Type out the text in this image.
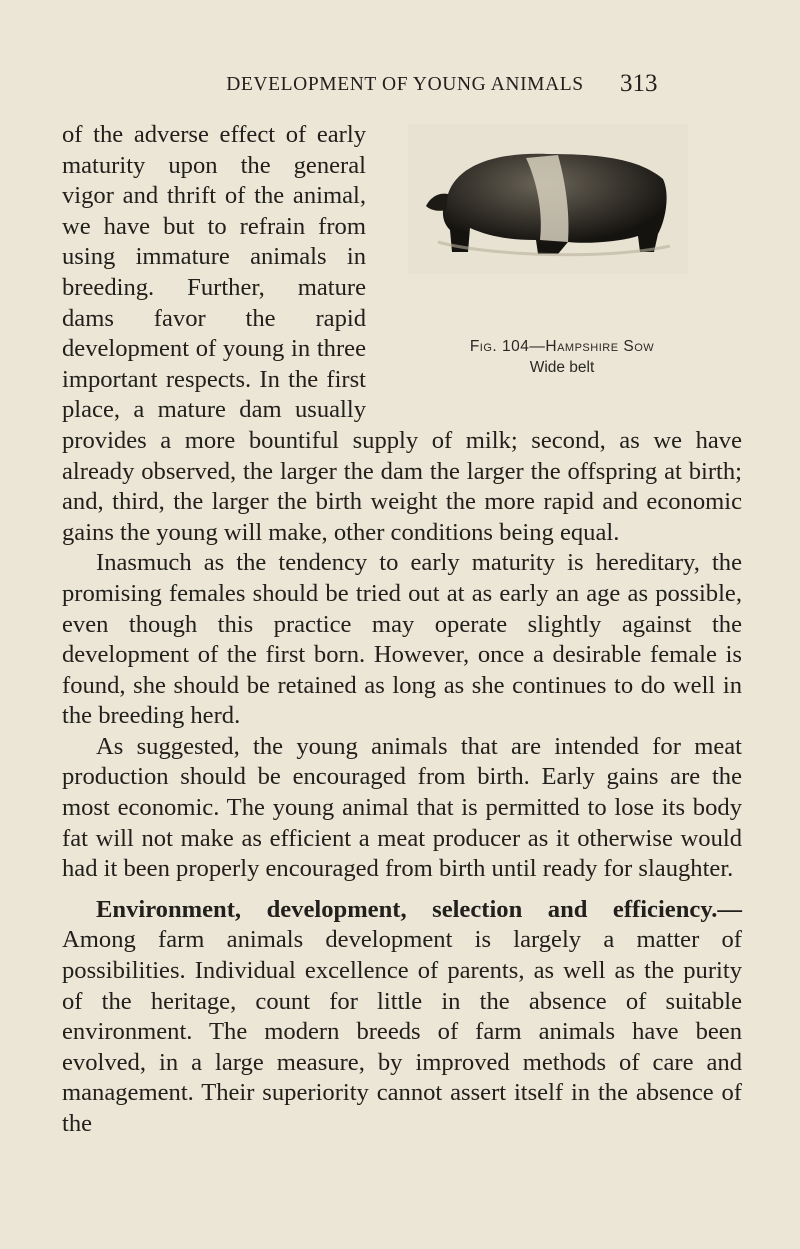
DEVELOPMENT OF YOUNG ANIMALS	313

Fig. 104—Hampshire Sow
Wide belt
of the adverse effect of early maturity upon the general vigor and thrift of the animal, we have but to refrain from using immature animals in breeding. Further, mature dams favor the rapid development of young in three important respects. In the first place, a mature dam usually provides a more bountiful supply of milk; second, as we have already observed, the larger the dam the larger the offspring at birth; and, third, the larger the birth weight the more rapid and economic gains the young will make, other conditions being equal.

Inasmuch as the tendency to early maturity is hereditary, the promising females should be tried out at as early an age as possible, even though this practice may operate slightly against the development of the first born. However, once a desirable female is found, she should be retained as long as she continues to do well in the breeding herd.

As suggested, the young animals that are intended for meat production should be encouraged from birth. Early gains are the most economic. The young animal that is permitted to lose its body fat will not make as efficient a meat producer as it otherwise would had it been properly encouraged from birth until ready for slaughter.

Environment, development, selection and efficiency.— Among farm animals development is largely a matter of possibilities. Individual excellence of parents, as well as the purity of the heritage, count for little in the absence of suitable environment. The modern breeds of farm animals have been evolved, in a large measure, by improved methods of care and management. Their superiority cannot assert itself in the absence of the
